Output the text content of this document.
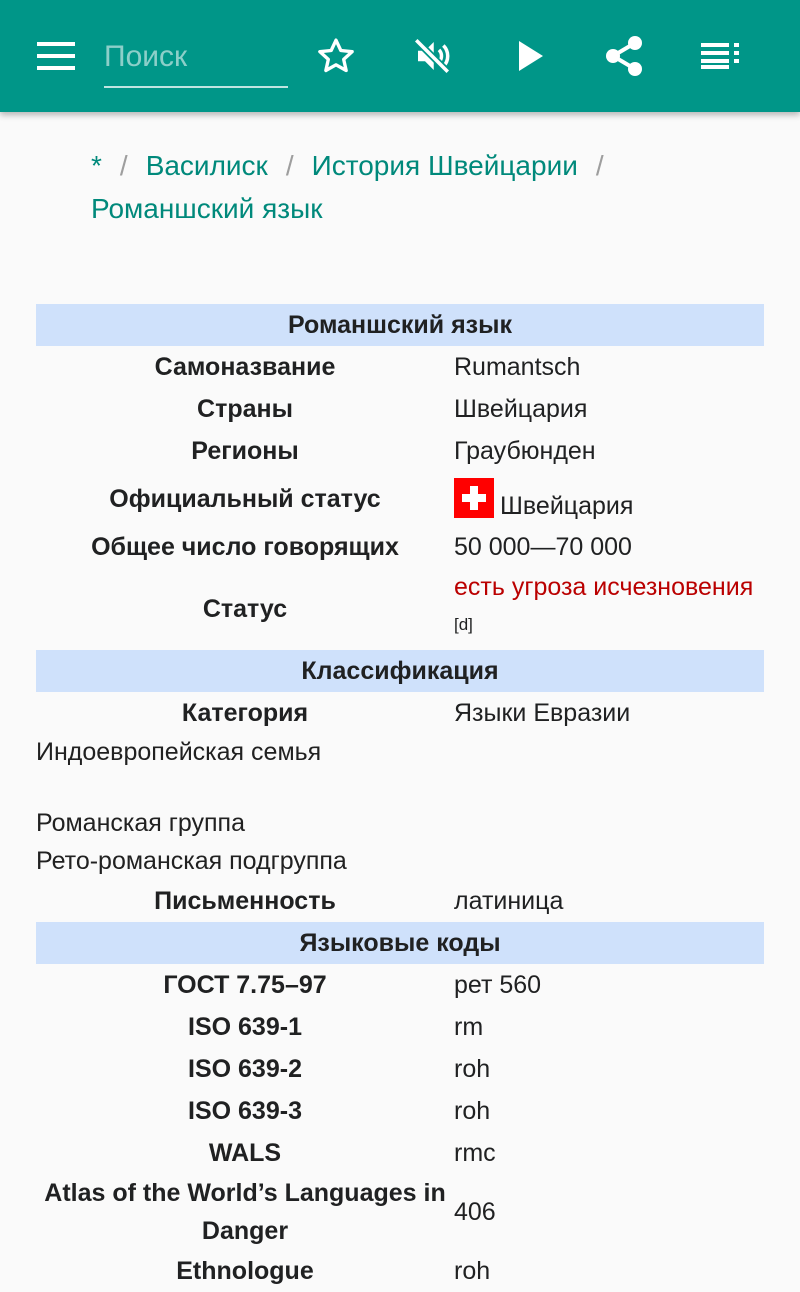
Поиск
* / Василиск / История Швейцарии /
Романшский язык
Романшский язык	
Самоназвание	Rumantsch
Страны	Швейцария
Регионы	Граубюнден
Официальный статус	Швейцария
Общее число говорящих	50 000—70 000
Статус	есть угроза исчезновения [d]
Классификация	
Категория	Языки Евразии
Индоевропейская семья	
Романская группа	
Рето-романская подгруппа	
Письменность	латиница
Языковые коды	
ГОСТ 7.75–97	рет 560
ISO 639-1	rm
ISO 639-2	roh
ISO 639-3	roh
WALS	rmc
Atlas of the World’s Languages in Danger	406
Ethnologue	roh
